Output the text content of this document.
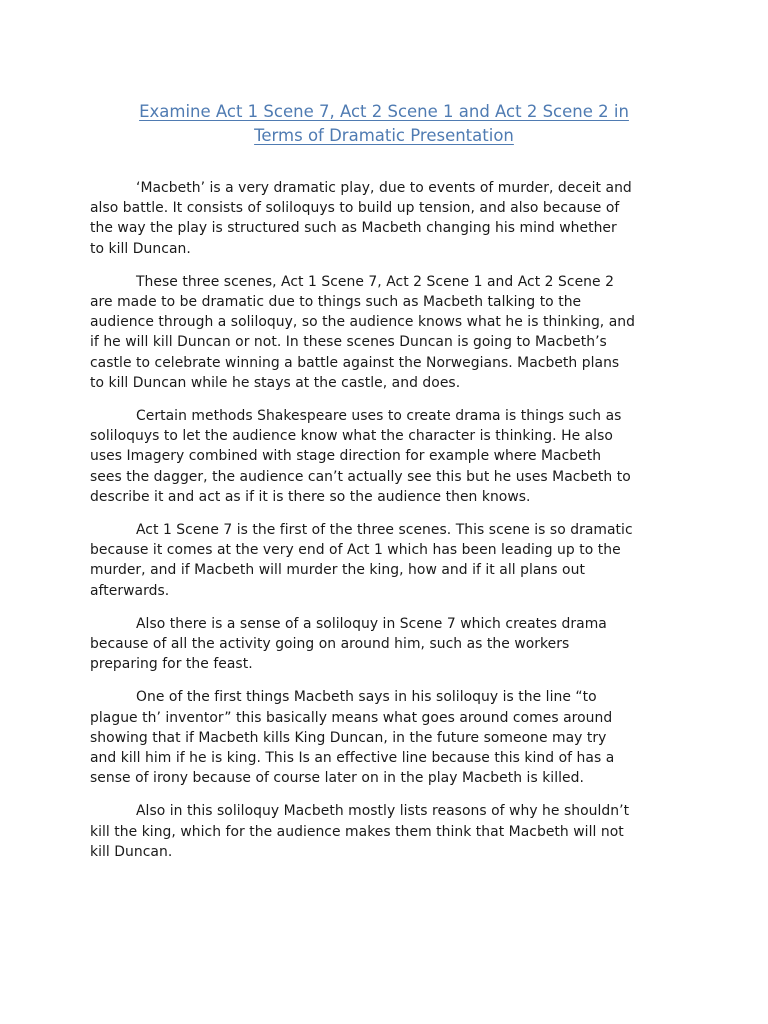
Examine Act 1 Scene 7, Act 2 Scene 1 and Act 2 Scene 2 in
Terms of Dramatic Presentation

‘Macbeth’ is a very dramatic play, due to events of murder, deceit and
also battle. It consists of soliloquys to build up tension, and also because of
the way the play is structured such as Macbeth changing his mind whether
to kill Duncan.

These three scenes, Act 1 Scene 7, Act 2 Scene 1 and Act 2 Scene 2
are made to be dramatic due to things such as Macbeth talking to the
audience through a soliloquy, so the audience knows what he is thinking, and
if he will kill Duncan or not. In these scenes Duncan is going to Macbeth’s
castle to celebrate winning a battle against the Norwegians. Macbeth plans
to kill Duncan while he stays at the castle, and does.

Certain methods Shakespeare uses to create drama is things such as
soliloquys to let the audience know what the character is thinking. He also
uses Imagery combined with stage direction for example where Macbeth
sees the dagger, the audience can’t actually see this but he uses Macbeth to
describe it and act as if it is there so the audience then knows.

Act 1 Scene 7 is the first of the three scenes. This scene is so dramatic
because it comes at the very end of Act 1 which has been leading up to the
murder, and if Macbeth will murder the king, how and if it all plans out
afterwards.

Also there is a sense of a soliloquy in Scene 7 which creates drama
because of all the activity going on around him, such as the workers
preparing for the feast.

One of the first things Macbeth says in his soliloquy is the line “to
plague th’ inventor” this basically means what goes around comes around
showing that if Macbeth kills King Duncan, in the future someone may try
and kill him if he is king. This Is an effective line because this kind of has a
sense of irony because of course later on in the play Macbeth is killed.

Also in this soliloquy Macbeth mostly lists reasons of why he shouldn’t
kill the king, which for the audience makes them think that Macbeth will not
kill Duncan.
